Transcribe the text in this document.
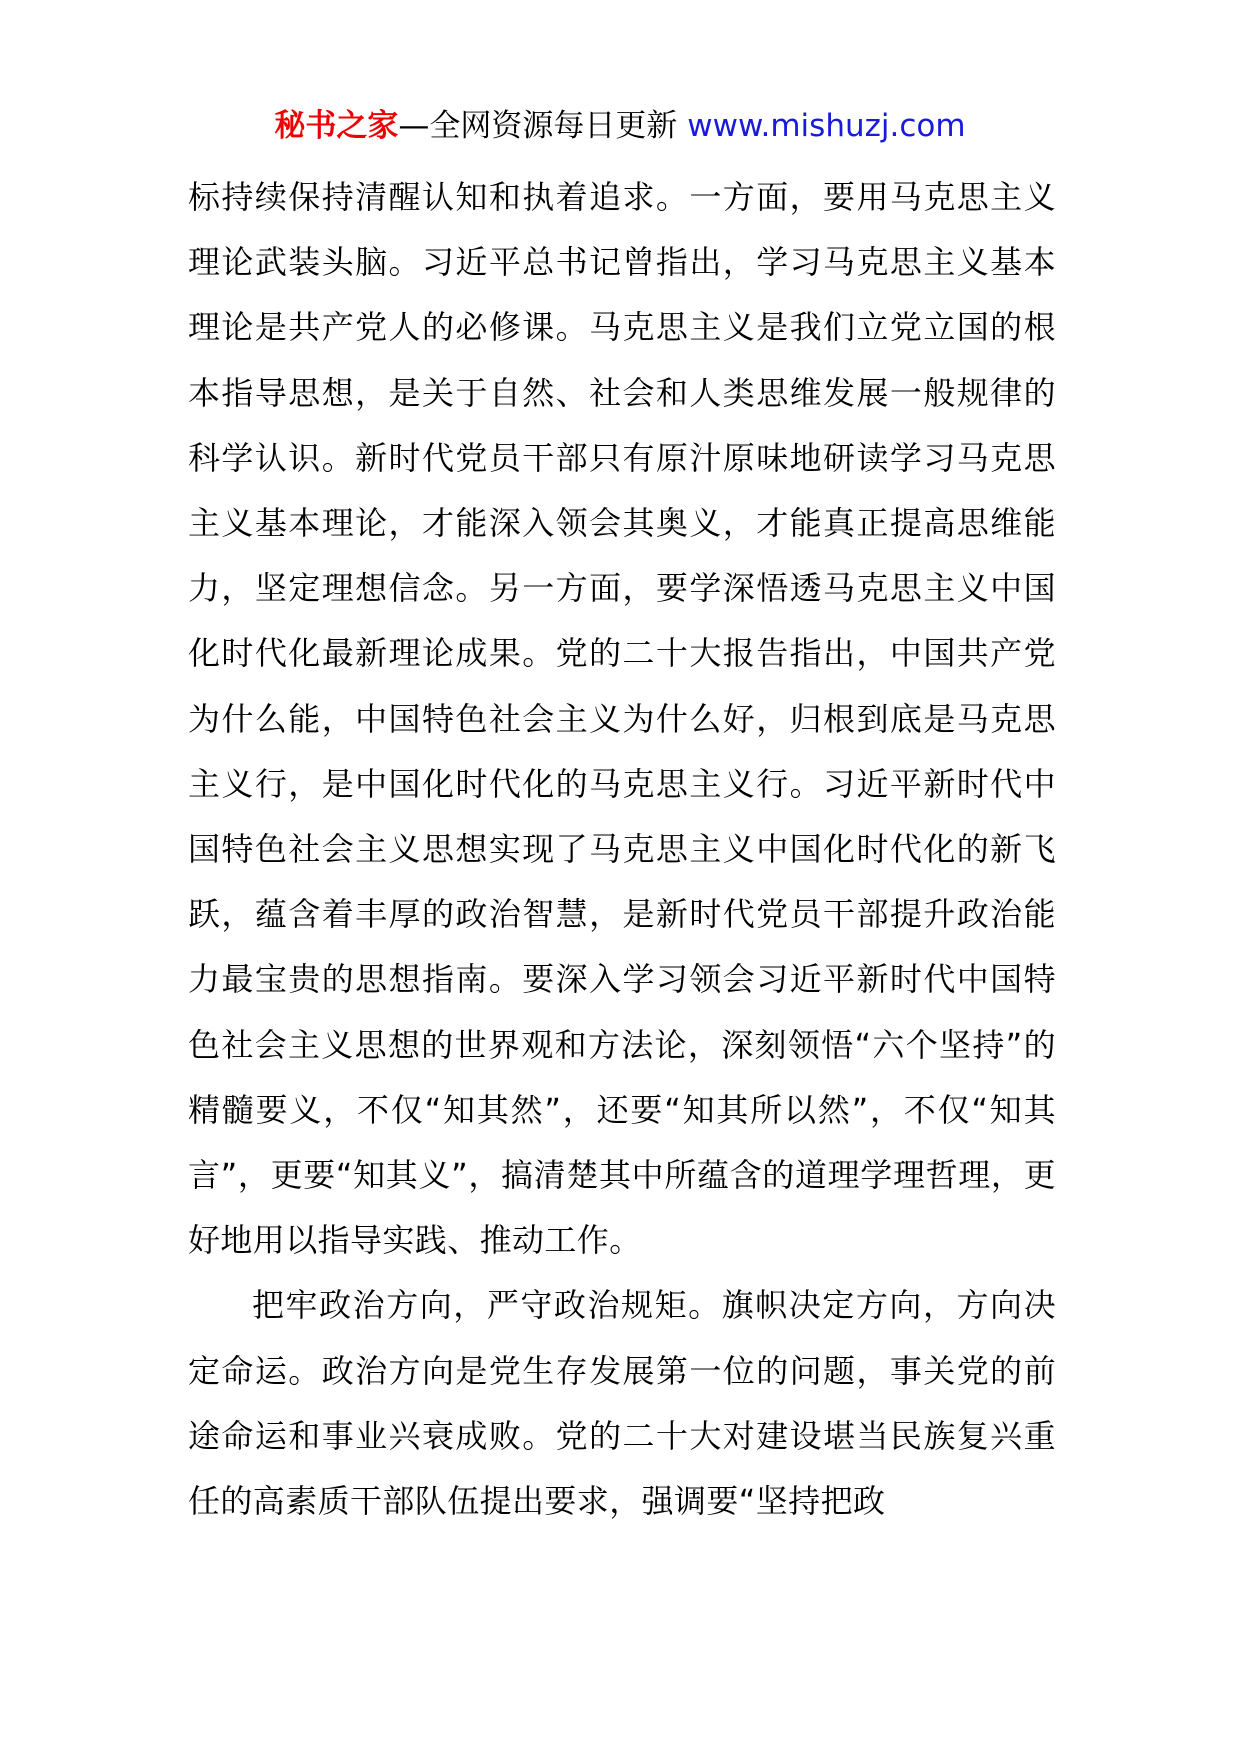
秘书之家—全网资源每日更新 www.mishuzj.com

标持续保持清醒认知和执着追求。一方面，要用马克思主义理论武装头脑。习近平总书记曾指出，学习马克思主义基本理论是共产党人的必修课。马克思主义是我们立党立国的根本指导思想，是关于自然、社会和人类思维发展一般规律的科学认识。新时代党员干部只有原汁原味地研读学习马克思主义基本理论，才能深入领会其奥义，才能真正提高思维能力，坚定理想信念。另一方面，要学深悟透马克思主义中国化时代化最新理论成果。党的二十大报告指出，中国共产党为什么能，中国特色社会主义为什么好，归根到底是马克思主义行，是中国化时代化的马克思主义行。习近平新时代中国特色社会主义思想实现了马克思主义中国化时代化的新飞跃，蕴含着丰厚的政治智慧，是新时代党员干部提升政治能力最宝贵的思想指南。要深入学习领会习近平新时代中国特色社会主义思想的世界观和方法论，深刻领悟“六个坚持”的精髓要义，不仅“知其然”，还要“知其所以然”，不仅“知其言”，更要“知其义”，搞清楚其中所蕴含的道理学理哲理，更好地用以指导实践、推动工作。

把牢政治方向，严守政治规矩。旗帜决定方向，方向决定命运。政治方向是党生存发展第一位的问题，事关党的前途命运和事业兴衰成败。党的二十大对建设堪当民族复兴重任的高素质干部队伍提出要求，强调要“坚持把政
